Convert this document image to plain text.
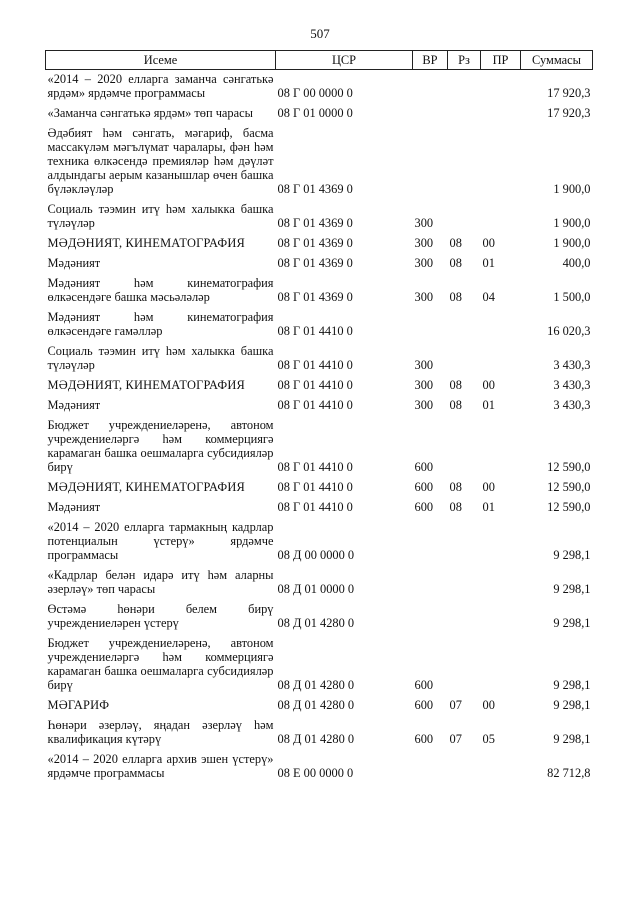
507
Исеме	ЦСР	ВР	Рз	ПР	Суммасы
«2014 – 2020 елларга заманча сәнгатькә ярдәм» ярдәмче программасы	08 Г 00 0000 0				17 920,3
«Заманча сәнгатькә ярдәм» төп чарасы	08 Г 01 0000 0				17 920,3
Әдәбият һәм сәнгать, мәгариф, басма массакүләм мәгълүмат чаралары, фән һәм техника өлкәсендә премияләр һәм дәүләт алдындагы аерым казанышлар өчен башка бүләкләүләр	08 Г 01 4369 0				1 900,0
Социаль тәэмин итү һәм халыкка башка түләүләр	08 Г 01 4369 0	300			1 900,0
МӘДӘНИЯТ, КИНЕМАТОГРАФИЯ	08 Г 01 4369 0	300	08	00	1 900,0
Мәдәният	08 Г 01 4369 0	300	08	01	400,0
Мәдәният һәм кинематография өлкәсендәге башка мәсьәләләр	08 Г 01 4369 0	300	08	04	1 500,0
Мәдәният һәм кинематография өлкәсендәге гамәлләр	08 Г 01 4410 0				16 020,3
Социаль тәэмин итү һәм халыкка башка түләүләр	08 Г 01 4410 0	300			3 430,3
МӘДӘНИЯТ, КИНЕМАТОГРАФИЯ	08 Г 01 4410 0	300	08	00	3 430,3
Мәдәният	08 Г 01 4410 0	300	08	01	3 430,3
Бюджет учреждениеләренә, автоном учреждениеләргә һәм коммерциягә карамаган башка оешмаларга субсидияләр бирү	08 Г 01 4410 0	600			12 590,0
МӘДӘНИЯТ, КИНЕМАТОГРАФИЯ	08 Г 01 4410 0	600	08	00	12 590,0
Мәдәният	08 Г 01 4410 0	600	08	01	12 590,0
«2014 – 2020 елларга тармакның кадрлар потенциалын үстерү» ярдәмче программасы	08 Д 00 0000 0				9 298,1
«Кадрлар белән идарә итү һәм аларны әзерләү» төп чарасы	08 Д 01 0000 0				9 298,1
Өстәмә һөнәри белем бирү учреждениеләрен үстерү	08 Д 01 4280 0				9 298,1
Бюджет учреждениеләренә, автоном учреждениеләргә һәм коммерциягә карамаган башка оешмаларга субсидияләр бирү	08 Д 01 4280 0	600			9 298,1
МӘГАРИФ	08 Д 01 4280 0	600	07	00	9 298,1
Һөнәри әзерләү, яңадан әзерләү һәм квалификация күтәрү	08 Д 01 4280 0	600	07	05	9 298,1
«2014 – 2020 елларга архив эшен үстерү» ярдәмче программасы	08 Е 00 0000 0				82 712,8
